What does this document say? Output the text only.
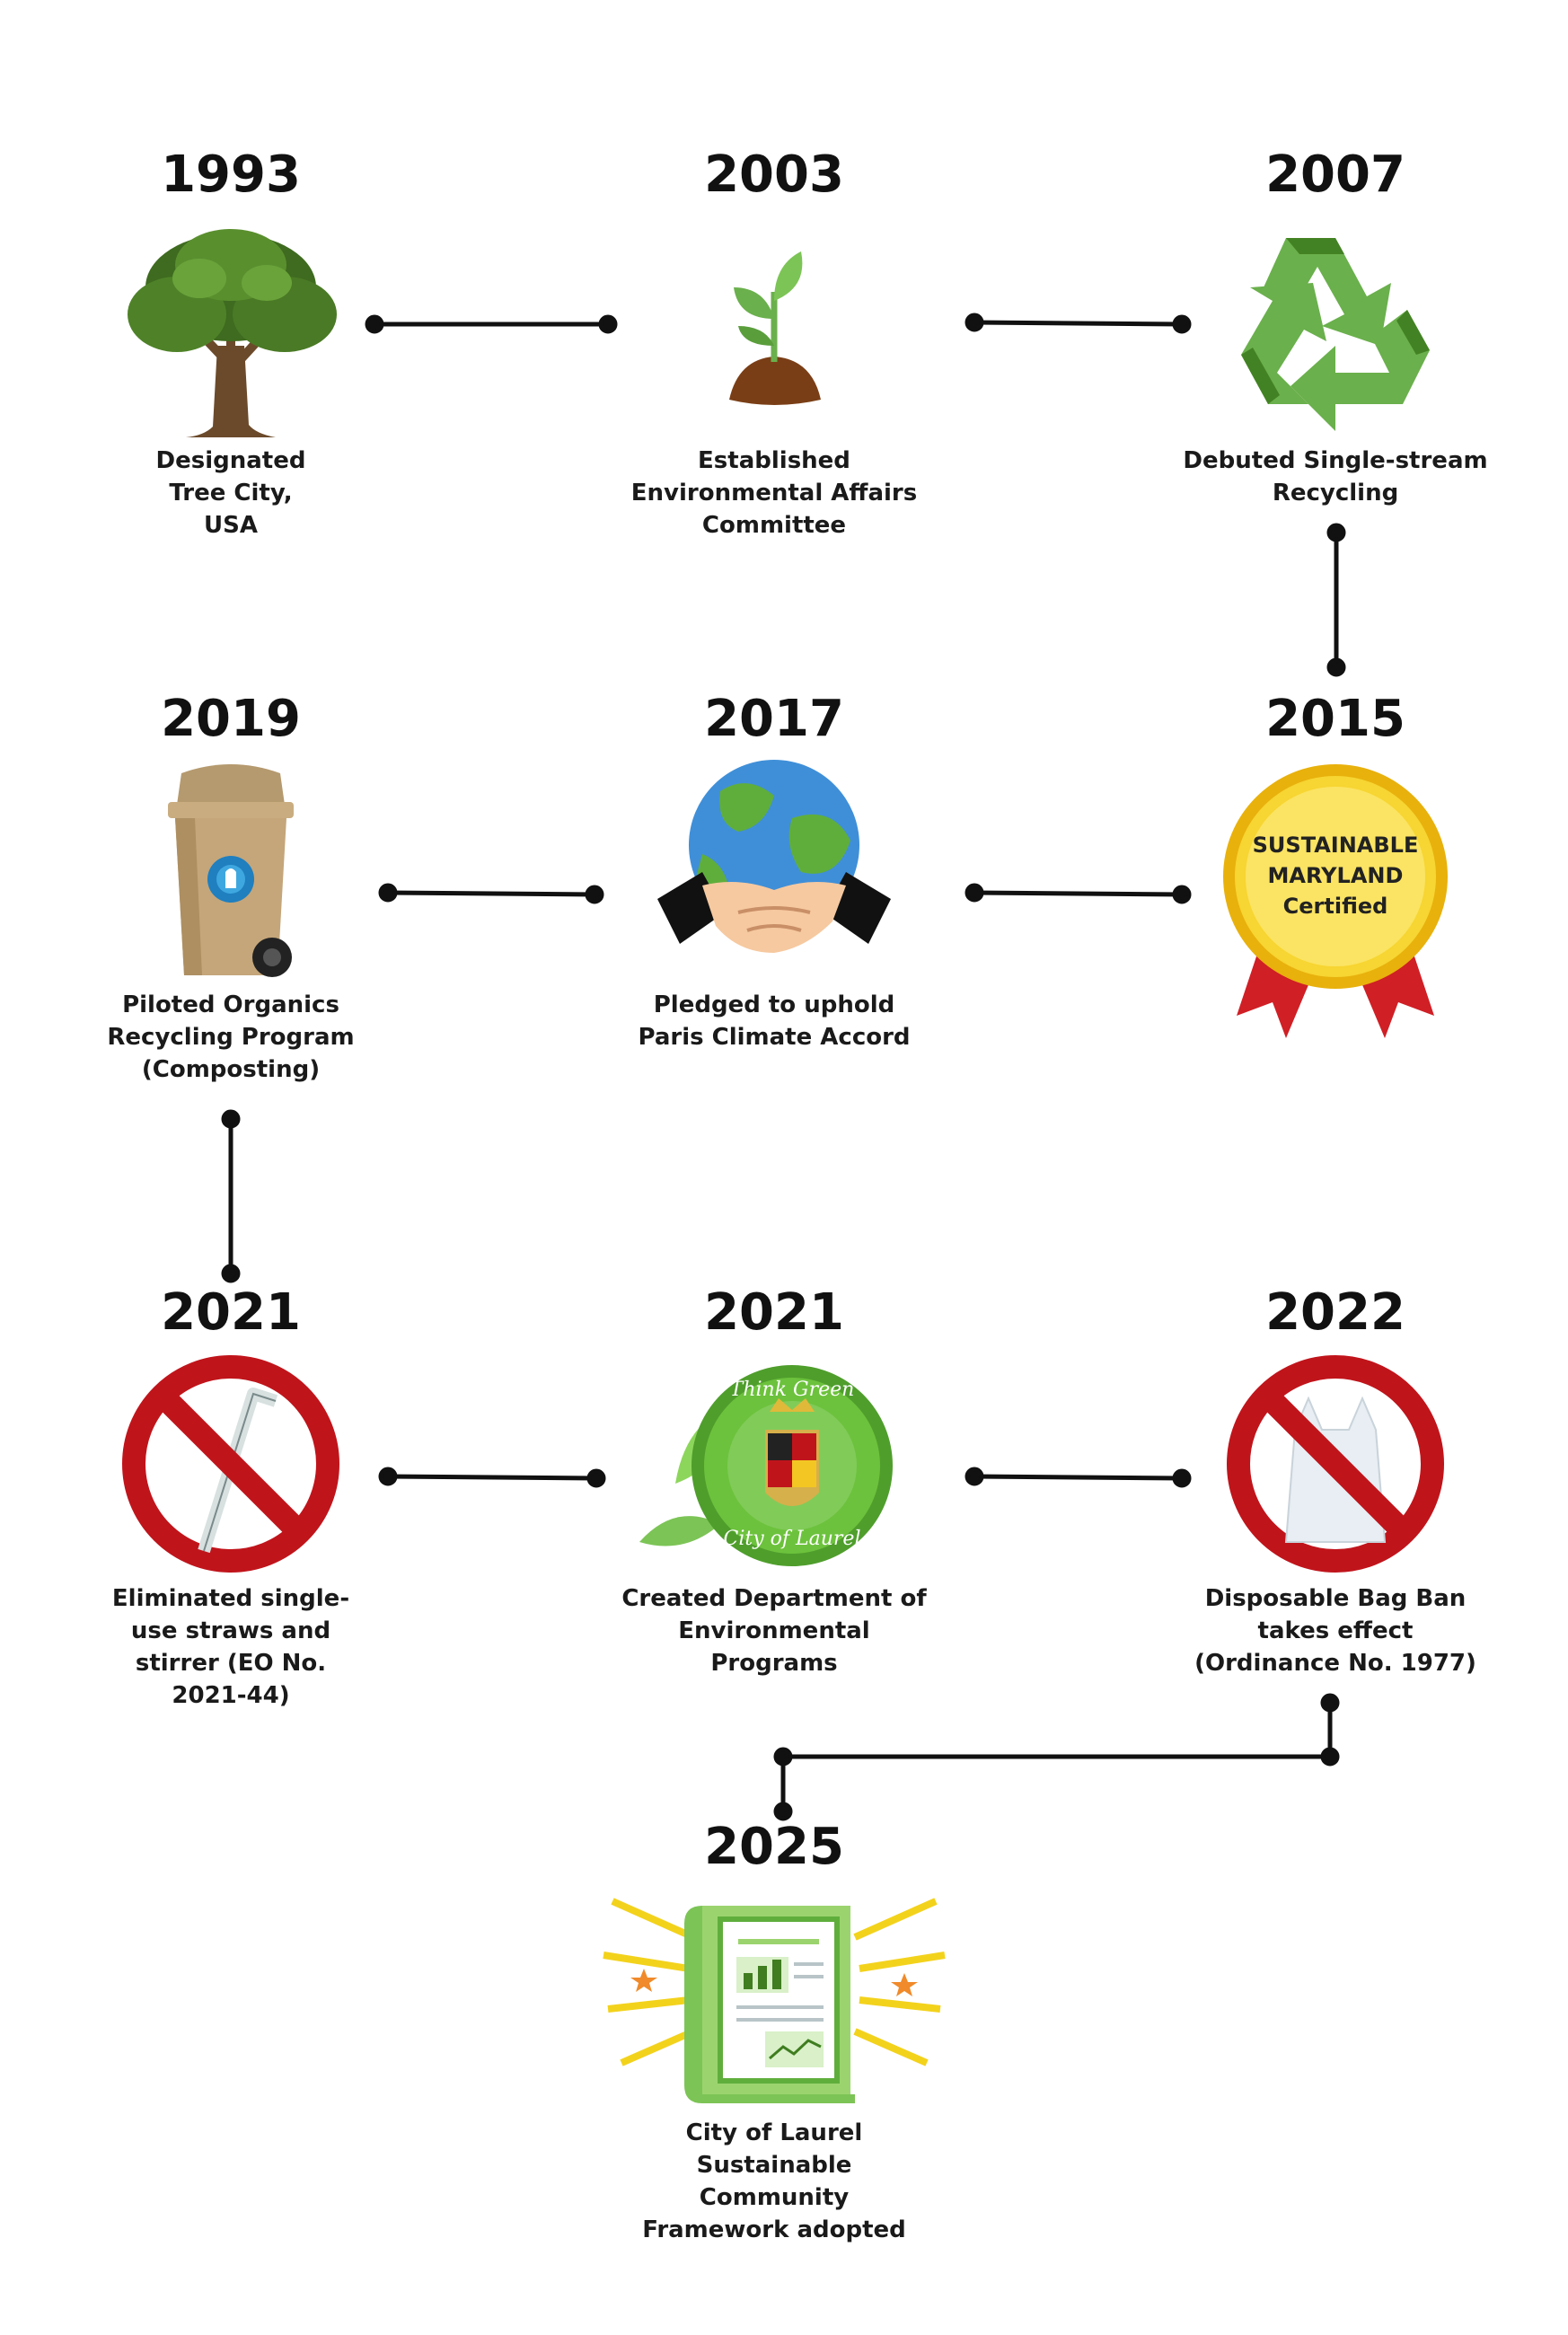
1993
Designated Tree City, USA
2003
Established Environmental Affairs Committee
2007
Debuted Single-stream Recycling
2019
Piloted Organics Recycling Program (Composting)
2017
Pledged to uphold Paris Climate Accord
2015
SUSTAINABLE
MARYLAND
Certified
2021
Eliminated single-use straws and stirrer (EO No. 2021-44)
2021
Think Green
City of Laurel
Created Department of Environmental Programs
2022
Disposable Bag Ban takes effect (Ordinance No. 1977)
2025
City of Laurel Sustainable Community Framework adopted
